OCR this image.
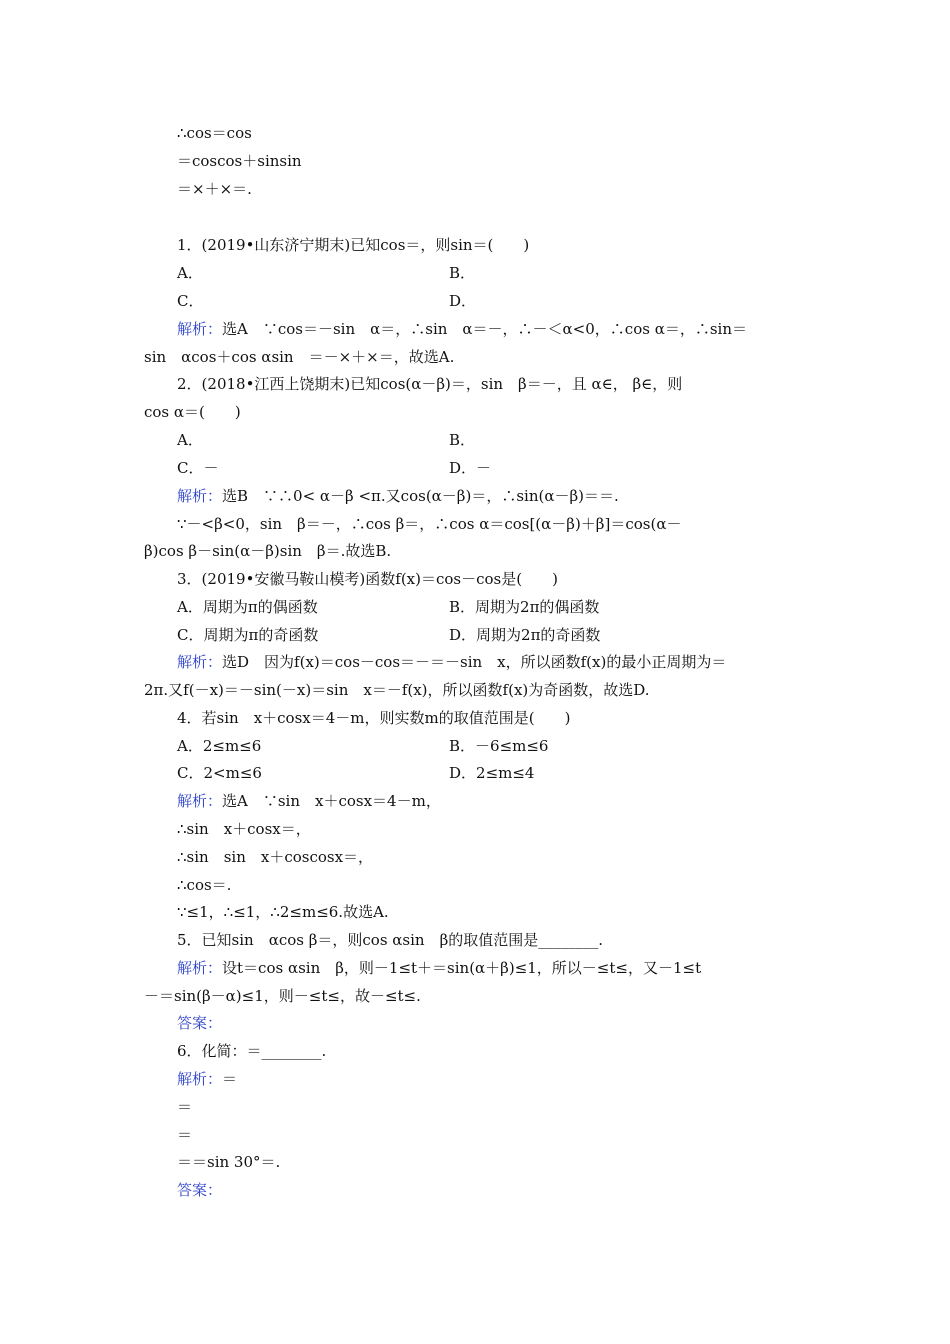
∴cos＝cos
＝coscos＋sinsin
＝×＋×＝.
1．(2019•山东济宁期末)已知cos＝，则sin＝(　　)
A．	B．
C．	D．
解析：选A　∵cos＝－sin　α＝，∴sin　α＝－，∴－＜α<0，∴cos α＝，∴sin＝
sin　αcos＋cos αsin　＝－×＋×＝，故选A.
2．(2018•江西上饶期末)已知cos(α－β)＝，sin　β＝－，且 α∈， β∈，则
cos α＝(　　)
A．	B．
C．－	D．－
解析：选B　∵∴0< α－β <π.又cos(α－β)＝，∴sin(α－β)＝＝.
∵－<β<0，sin　β＝－，∴cos β＝，∴cos α＝cos[(α－β)＋β]＝cos(α－
β)cos β－sin(α－β)sin　β＝.故选B.
3．(2019•安徽马鞍山模考)函数f(x)＝cos－cos是(　　)
A．周期为π的偶函数	B．周期为2π的偶函数
C．周期为π的奇函数	D．周期为2π的奇函数
解析：选D　因为f(x)＝cos－cos＝－＝－sin　x，所以函数f(x)的最小正周期为＝
2π.又f(－x)＝－sin(－x)＝sin　x＝－f(x)，所以函数f(x)为奇函数，故选D.
4．若sin　x＋cosx＝4－m，则实数m的取值范围是(　　)
A．2≤m≤6	B．－6≤m≤6
C．2<m≤6	D．2≤m≤4
解析：选A　∵sin　x＋cosx＝4－m，
∴sin　x＋cosx＝，
∴sin　sin　x＋coscosx＝，
∴cos＝.
∵≤1，∴≤1，∴2≤m≤6.故选A.
5．已知sin　αcos β＝，则cos αsin　β的取值范围是________.
解析：设t＝cos αsin　β，则－1≤t＋＝sin(α＋β)≤1，所以－≤t≤，又－1≤t
－＝sin(β－α)≤1，则－≤t≤，故－≤t≤.
答案：
6．化简：＝________.
解析：＝
＝
＝
＝＝sin 30°＝.
答案：
